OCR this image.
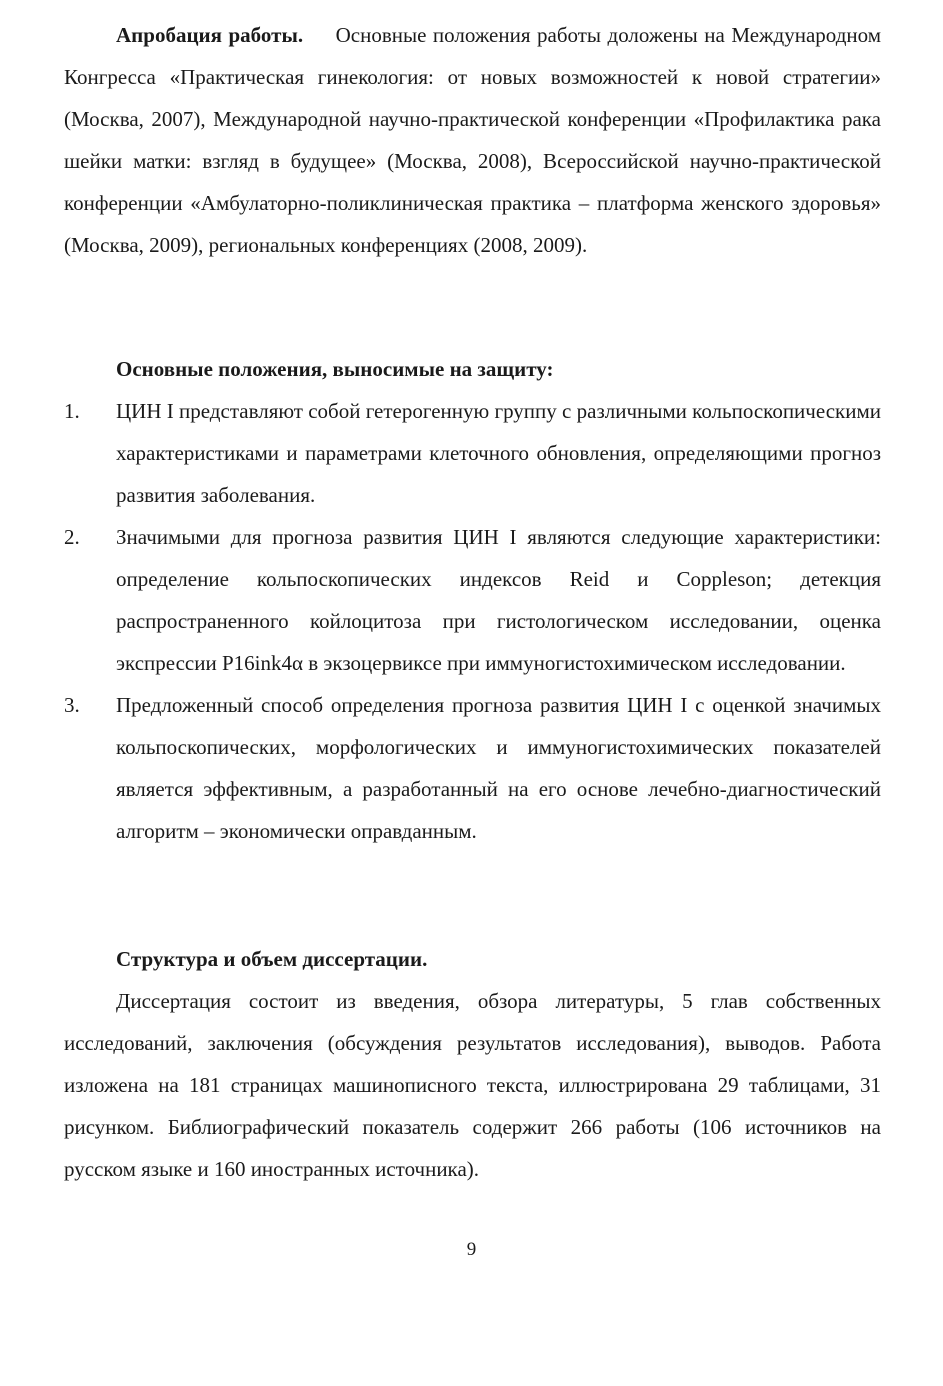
Апробация работы. Основные положения работы доложены на Международном Конгресса «Практическая гинекология: от новых возможностей к новой стратегии» (Москва, 2007), Международной научно-практической конференции «Профилактика рака шейки матки: взгляд в будущее» (Москва, 2008), Всероссийской научно-практической конференции «Амбулаторно-поликлиническая практика – платформа женского здоровья» (Москва, 2009), региональных конференциях (2008, 2009).

Основные положения, выносимые на защиту:

1. ЦИН I представляют собой гетерогенную группу с различными кольпоскопическими характеристиками и параметрами клеточного обновления, определяющими прогноз развития заболевания.
2. Значимыми для прогноза развития ЦИН I являются следующие характеристики: определение кольпоскопических индексов Reid и Coppleson; детекция распространенного койлоцитоза при гистологическом исследовании, оценка экспрессии P16ink4α в экзоцервиксе при иммуногистохимическом исследовании.
3. Предложенный способ определения прогноза развития ЦИН I с оценкой значимых кольпоскопических, морфологических и иммуногистохимических показателей является эффективным, а разработанный на его основе лечебно-диагностический алгоритм – экономически оправданным.

Структура и объем диссертации.

Диссертация состоит из введения, обзора литературы, 5 глав собственных исследований, заключения (обсуждения результатов исследования), выводов. Работа изложена на 181 страницах машинописного текста, иллюстрирована 29 таблицами, 31 рисунком. Библиографический показатель содержит 266 работы (106 источников на русском языке и 160 иностранных источника).

9
